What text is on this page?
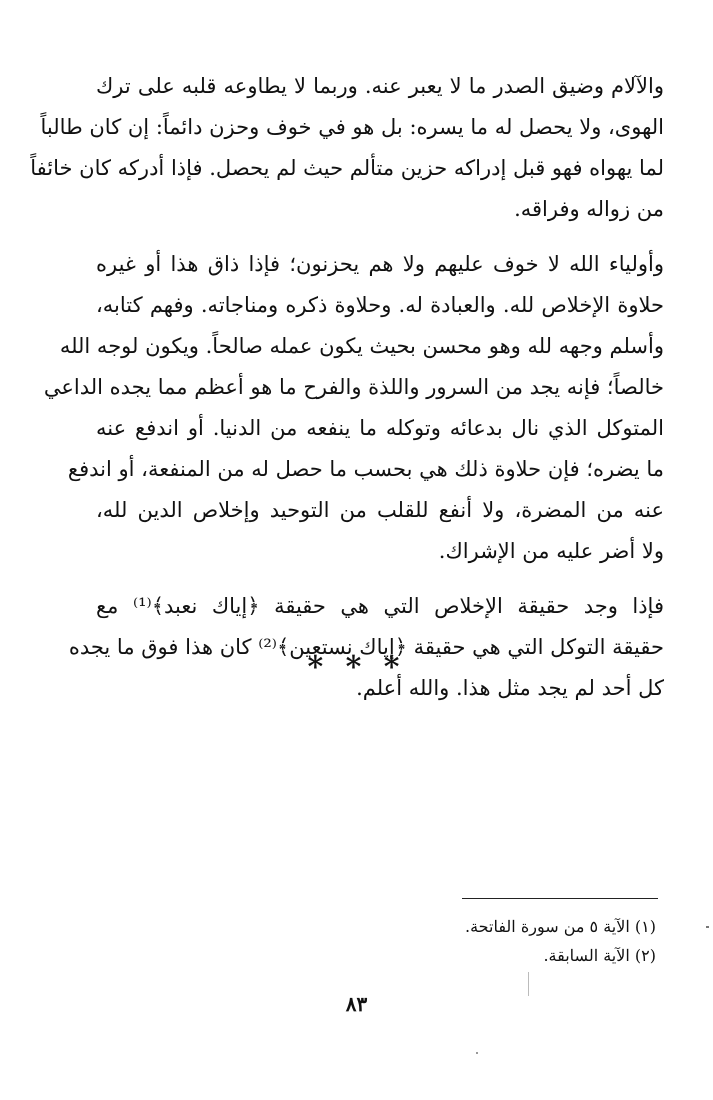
والآلام وضيق الصدر ما لا يعبر عنه. وربما لا يطاوعه قلبه على ترك
الهوى، ولا يحصل له ما يسره: بل هو في خوف وحزن دائماً: إن كان طالباً
لما يهواه فهو قبل إدراكه حزين متألم حيث لم يحصل. فإذا أدركه كان خائفاً
من زواله وفراقه.
وأولياء الله لا خوف عليهم ولا هم يحزنون؛ فإذا ذاق هذا أو غيره
حلاوة الإخلاص لله. والعبادة له. وحلاوة ذكره ومناجاته. وفهم كتابه،
وأسلم وجهه لله وهو محسن بحيث يكون عمله صالحاً. ويكون لوجه الله
خالصاً؛ فإنه يجد من السرور واللذة والفرح ما هو أعظم مما يجده الداعي
المتوكل الذي نال بدعائه وتوكله ما ينفعه من الدنيا. أو اندفع عنه
ما يضره؛ فإن حلاوة ذلك هي بحسب ما حصل له من المنفعة، أو اندفع
عنه من المضرة، ولا أنفع للقلب من التوحيد وإخلاص الدين لله،
ولا أضر عليه من الإشراك.
فإذا وجد حقيقة الإخلاص التي هي حقيقة ﴿إياك نعبد﴾⁽¹⁾ مع
حقيقة التوكل التي هي حقيقة ﴿إياك نستعين﴾⁽²⁾ كان هذا فوق ما يجده
كل أحد لم يجد مثل هذا. والله أعلم.
* * *
(١) الآية ٥ من سورة الفاتحة.
(٢) الآية السابقة.
٨٣
